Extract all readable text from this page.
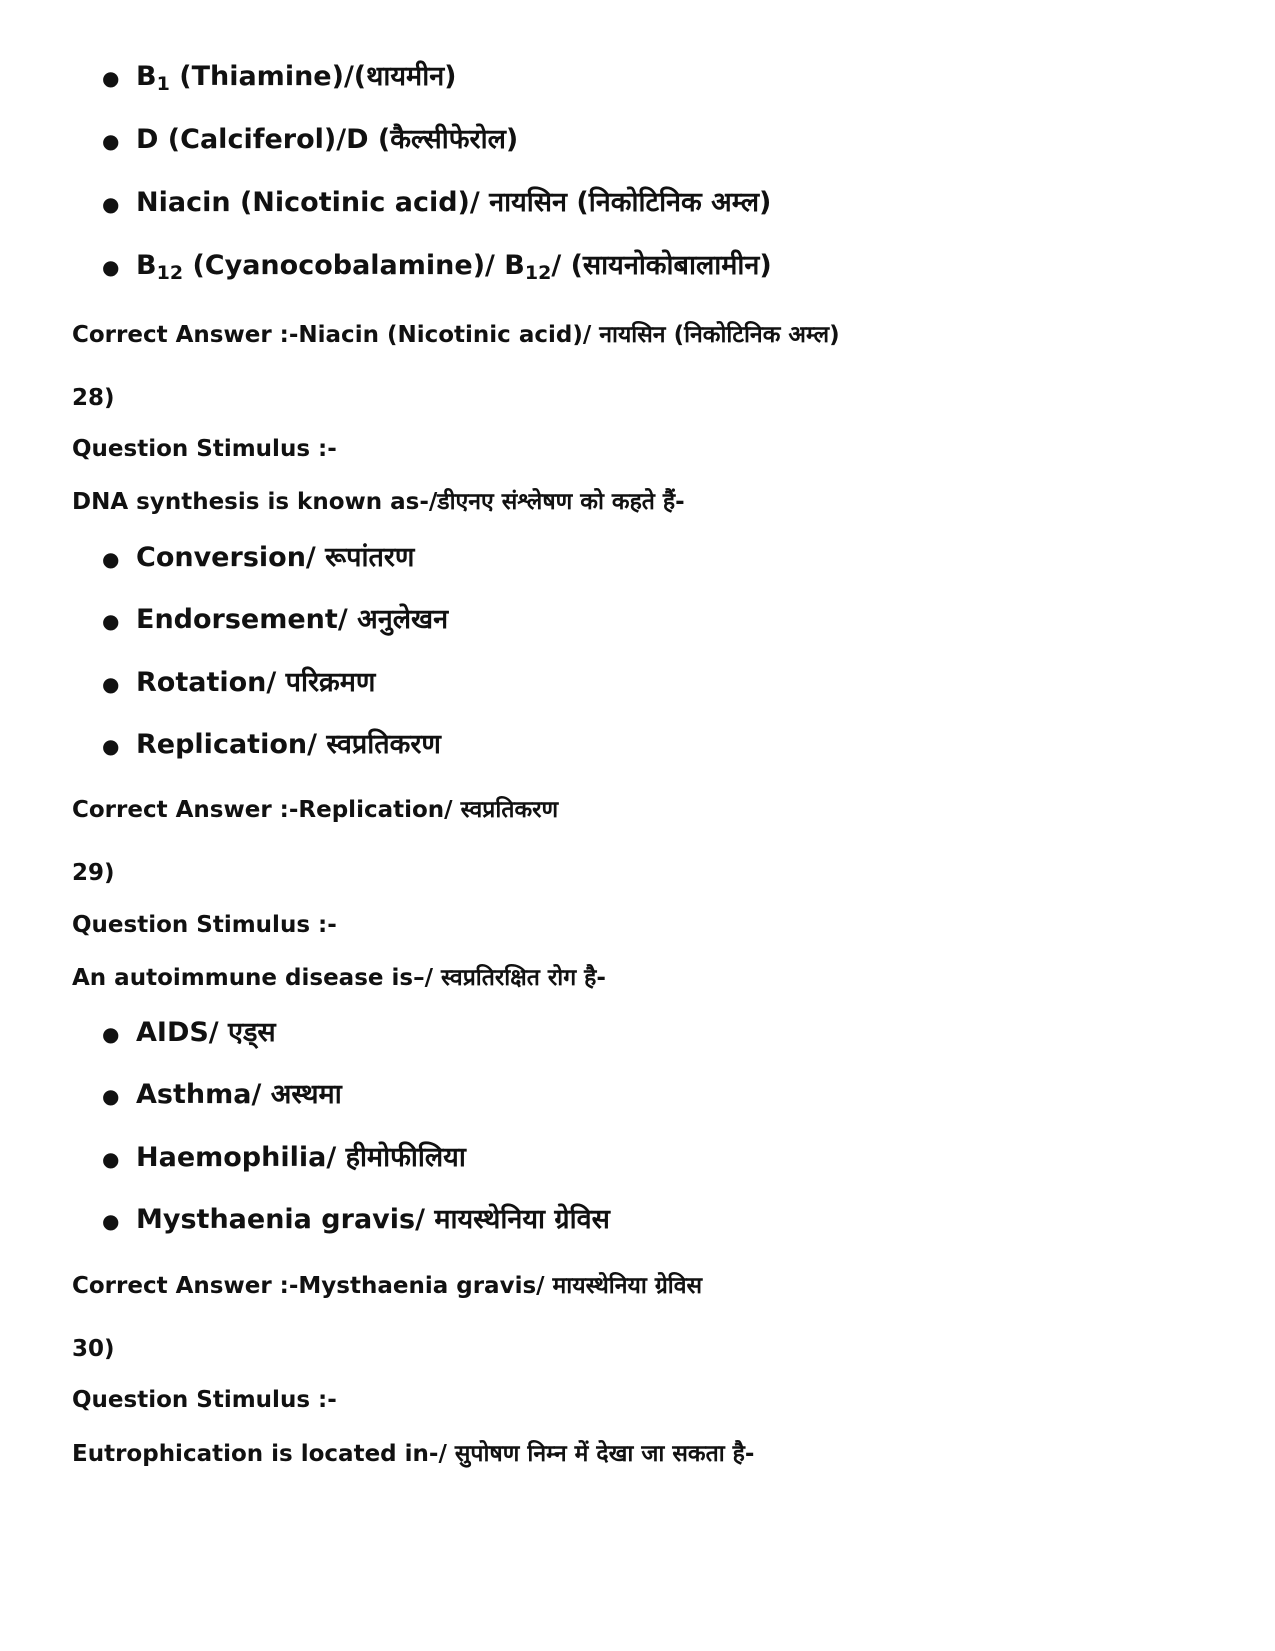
● $B_1$ (Thiamine)/(थायमीन)
● D (Calciferol)/D (कैल्सीफेरोल)
● Niacin (Nicotinic acid)/ नायसिन (निकोटिनिक अम्ल)
● $B_{12}$ (Cyanocobalamine)/ $B_{12}/$ (सायनोकोबालामीन)
Correct Answer :-Niacin (Nicotinic acid)/ नायसिन (निकोटिनिक अम्ल)
28)
Question Stimulus :-
DNA synthesis is known as-/डीएनए संश्लेषण को कहते हैं-
● Conversion/ रूपांतरण
● Endorsement/ अनुलेखन
● Rotation/ परिक्रमण
● Replication/ स्वप्रतिकरण
Correct Answer :-Replication/ स्वप्रतिकरण
29)
Question Stimulus :-
An autoimmune disease is–/ स्वप्रतिरक्षित रोग है-
● AIDS/ एड्स
● Asthma/ अस्थमा
● Haemophilia/ हीमोफीलिया
● Mysthaenia gravis/ मायस्थेनिया ग्रेविस
Correct Answer :-Mysthaenia gravis/ मायस्थेनिया ग्रेविस
30)
Question Stimulus :-
Eutrophication is located in-/ सुपोषण निम्न में देखा जा सकता है-
